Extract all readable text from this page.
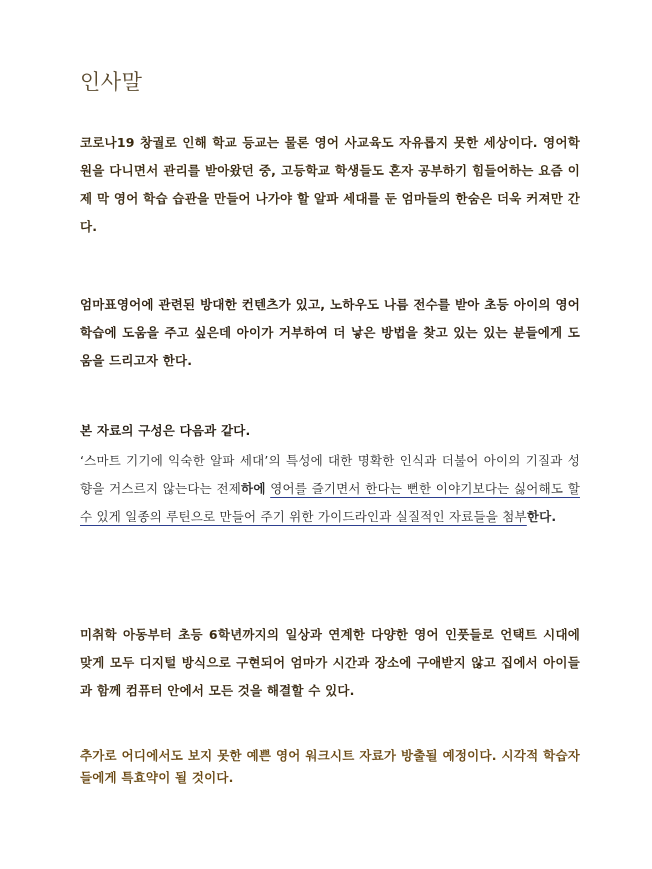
인사말

코로나19 창궐로 인해 학교 등교는 물론 영어 사교육도 자유롭지 못한 세상이다. 영어학원을 다니면서 관리를 받아왔던 중, 고등학교 학생들도 혼자 공부하기 힘들어하는 요즘 이제 막 영어 학습 습관을 만들어 나가야 할 알파 세대를 둔 엄마들의 한숨은 더욱 커져만 간다.

엄마표영어에 관련된 방대한 컨텐츠가 있고, 노하우도 나름 전수를 받아 초등 아이의 영어 학습에 도움을 주고 싶은데 아이가 거부하여 더 낳은 방법을 찾고 있는 있는 분들에게 도움을 드리고자 한다.

본 자료의 구성은 다음과 같다.

‘스마트 기기에 익숙한 알파 세대’의 특성에 대한 명확한 인식과 더불어 아이의 기질과 성향을 거스르지 않는다는 전제하에 영어를 즐기면서 한다는 뻔한 이야기보다는 싫어해도 할 수 있게 일종의 루틴으로 만들어 주기 위한 가이드라인과 실질적인 자료들을 첨부한다.

미취학 아동부터 초등 6학년까지의 일상과 연계한 다양한 영어 인풋들로 언택트 시대에 맞게 모두 디지털 방식으로 구현되어 엄마가 시간과 장소에 구애받지 않고 집에서 아이들과 함께 컴퓨터 안에서 모든 것을 해결할 수 있다.

추가로 어디에서도 보지 못한 예쁜 영어 워크시트 자료가 방출될 예정이다. 시각적 학습자들에게 특효약이 될 것이다.
